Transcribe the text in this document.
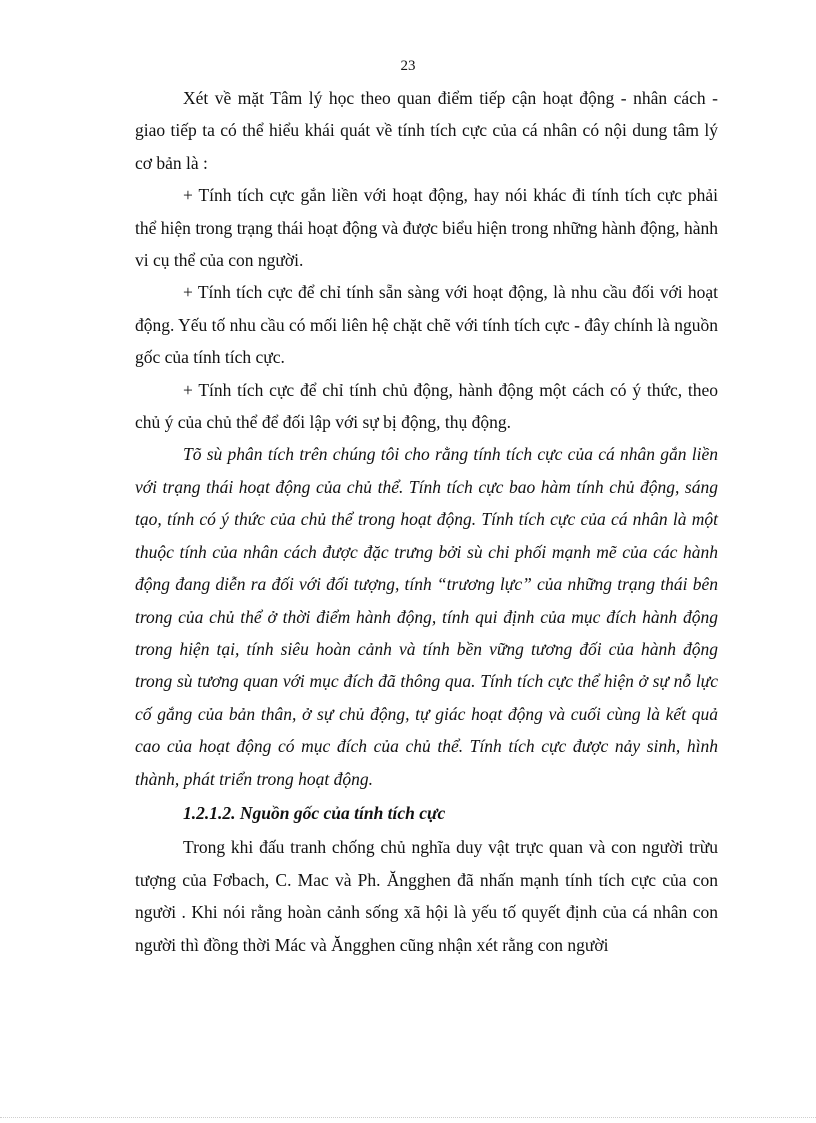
23

Xét về mặt Tâm lý học theo quan điểm tiếp cận hoạt động - nhân cách - giao tiếp ta có thể hiểu khái quát về tính tích cực của cá nhân có nội dung tâm lý cơ bản là :

+ Tính tích cực gắn liền với hoạt động, hay nói khác đi tính tích cực phải thể hiện trong trạng thái hoạt động và được biểu hiện trong những hành động, hành vi cụ thể của con người.

+ Tính tích cực để chỉ tính sẵn sàng với hoạt động, là nhu cầu đối với hoạt động. Yếu tố nhu cầu có mối liên hệ chặt chẽ với tính tích cực - đây chính là nguồn gốc của tính tích cực.

+ Tính tích cực để chỉ tính chủ động, hành động một cách có ý thức, theo chủ ý của chủ thể để đối lập với sự bị động, thụ động.

Tõ sù phân tích trên chúng tôi cho rằng tính tích cực của cá nhân gắn liền với trạng thái hoạt động của chủ thể. Tính tích cực bao hàm tính chủ động, sáng tạo, tính có ý thức của chủ thể trong hoạt động. Tính tích cực của cá nhân là một thuộc tính của nhân cách được đặc trưng bởi sù chi phối mạnh mẽ của các hành động đang diễn ra đối với đối tượng, tính “trương lực” của những trạng thái bên trong của chủ thể ở thời điểm hành động, tính qui định của mục đích hành động trong hiện tại, tính siêu hoàn cảnh và tính bền vững tương đối của hành động trong sù tương quan với mục đích đã thông qua. Tính tích cực thể hiện ở sự nỗ lực cố gắng của bản thân, ở sự chủ động, tự giác hoạt động và cuối cùng là kết quả cao của hoạt động có mục đích của chủ thể. Tính tích cực được nảy sinh, hình thành, phát triển trong hoạt động.

1.2.1.2. Nguồn gốc của tính tích cực

Trong khi đấu tranh chống chủ nghĩa duy vật trực quan và con người trừu tượng của Fơbach, C. Mac và Ph. Ăngghen đã nhấn mạnh tính tích cực của con người . Khi nói rằng hoàn cảnh sống xã hội là yếu tố quyết định của cá nhân con người thì đồng thời Mác và Ăngghen cũng nhận xét rằng con người
